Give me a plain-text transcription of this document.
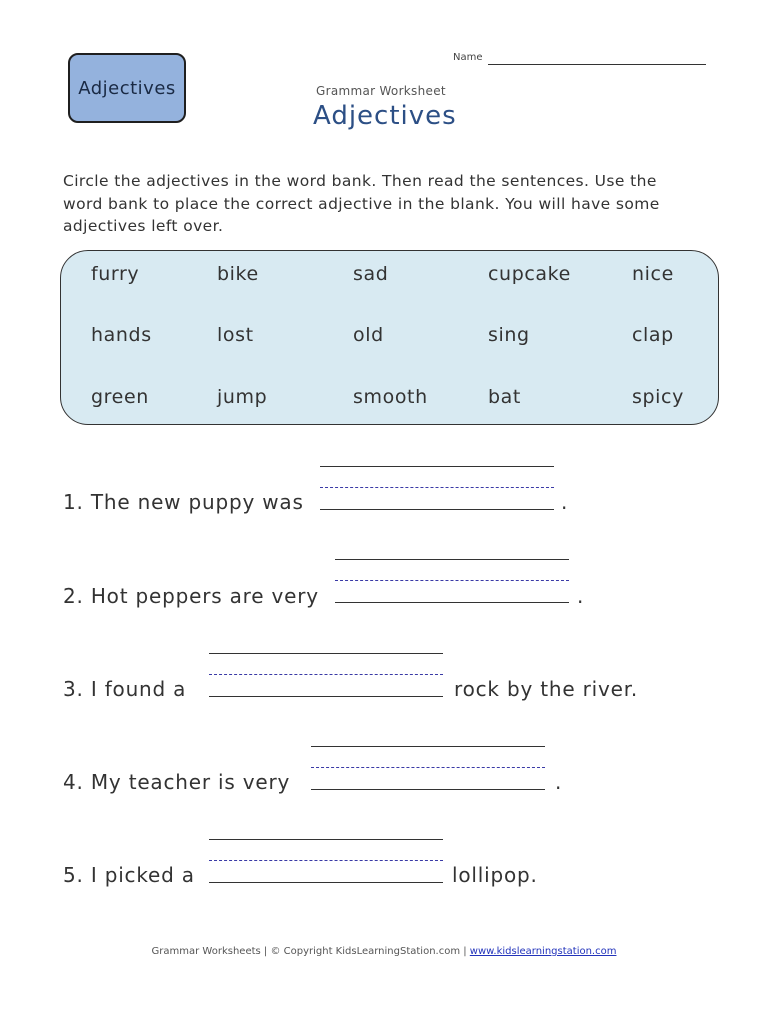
Adjectives
Name
Grammar Worksheet
Adjectives
Circle the adjectives in the word bank. Then read the sentences. Use the word bank to place the correct adjective in the blank. You will have some adjectives left over.
furry	bike	sad	cupcake	nice
hands	lost	old	sing	clap
green	jump	smooth	bat	spicy
1. The new puppy was	.
2. Hot peppers are very	.
3. I found a	rock by the river.
4. My teacher is very	.
5. I picked a	lollipop.
Grammar Worksheets | © Copyright KidsLearningStation.com | www.kidslearningstation.com
